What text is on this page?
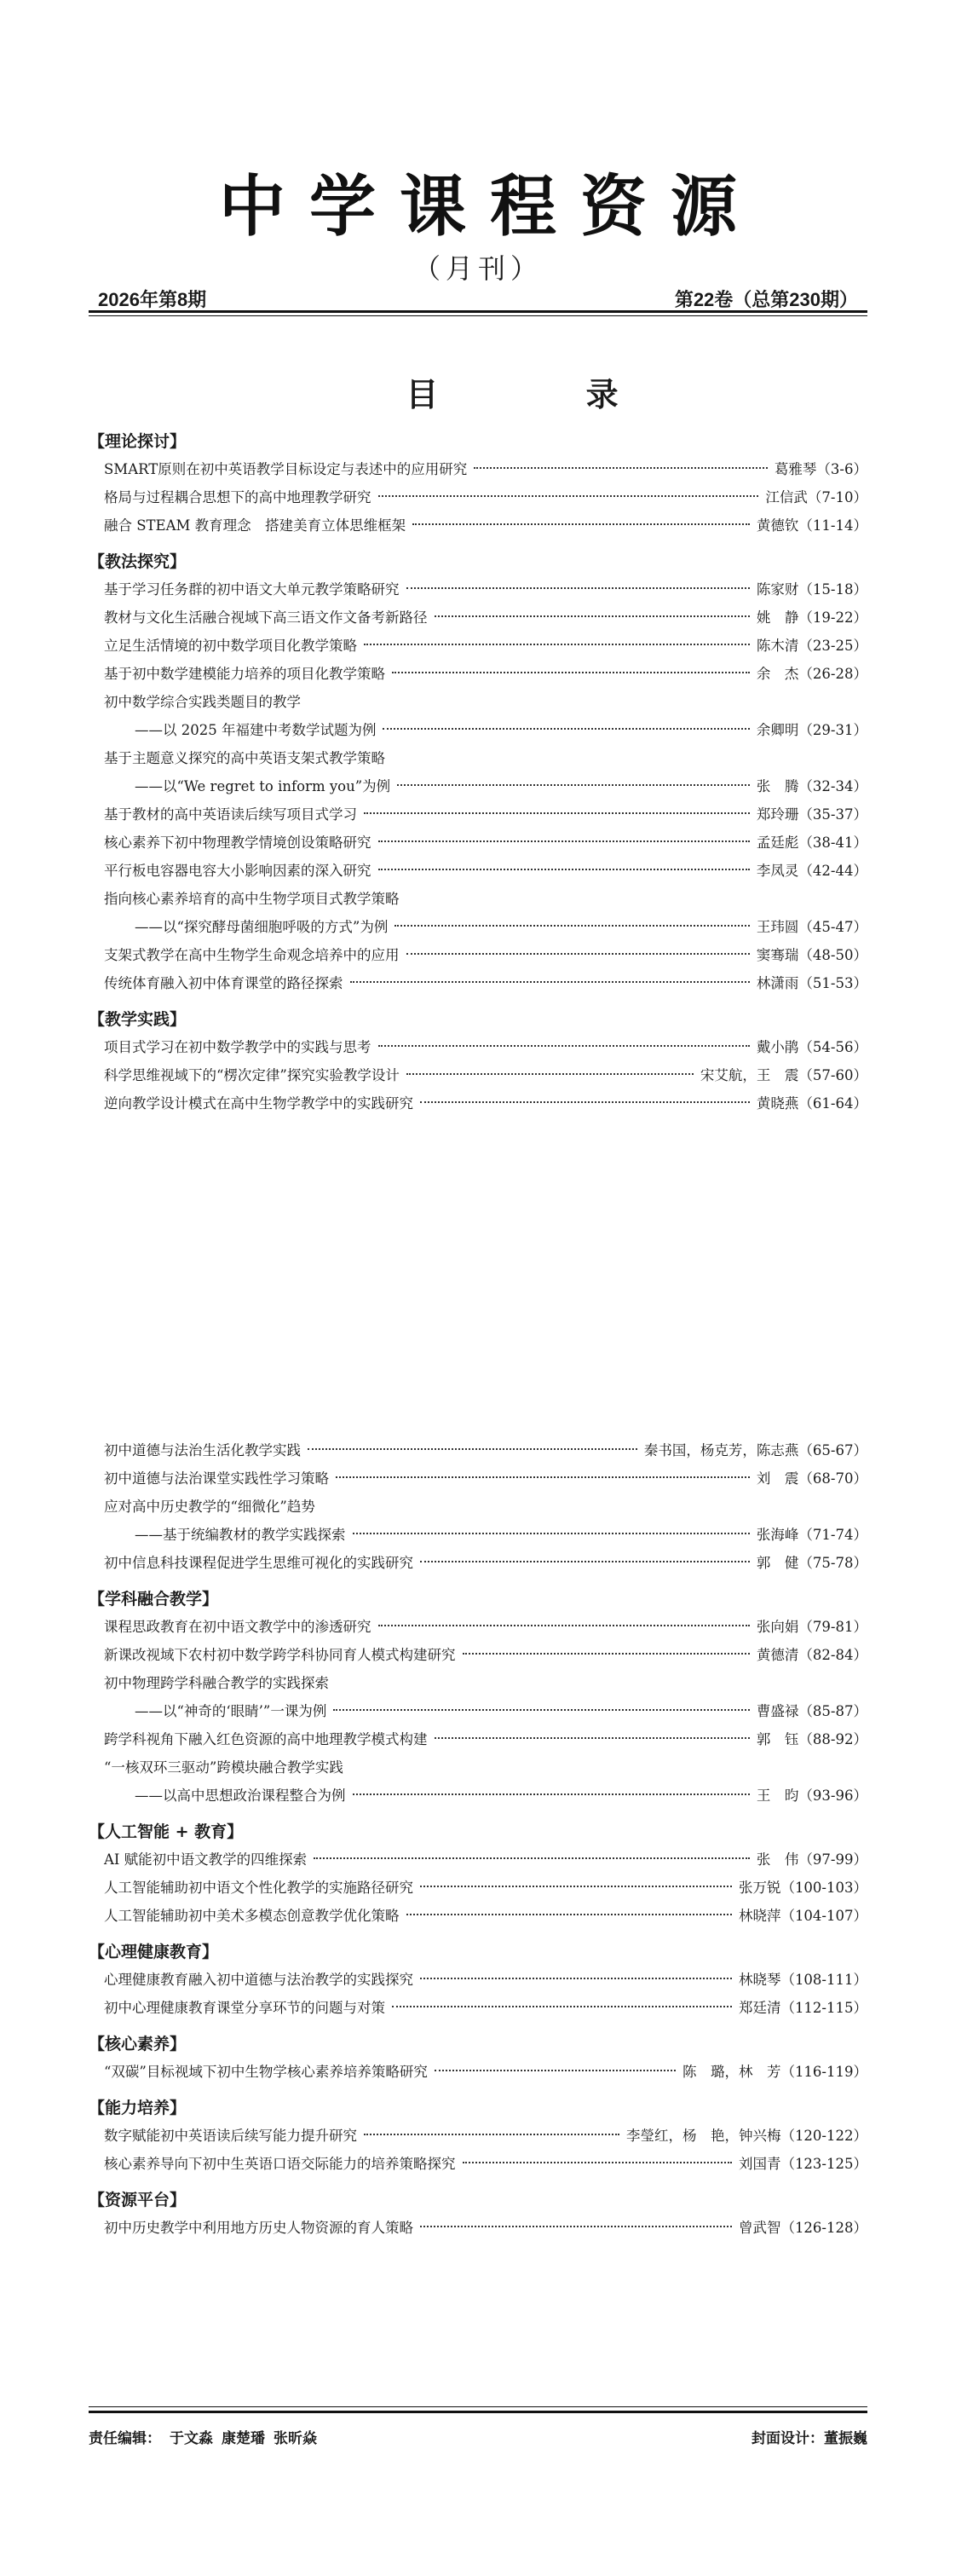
中学课程资源
（月刊）
2026年第8期	第22卷（总第230期）
目 录
【理论探讨】
SMART原则在初中英语教学目标设定与表述中的应用研究	葛雅琴（3-6）
格局与过程耦合思想下的高中地理教学研究	江信武（7-10）
融合 STEAM 教育理念　搭建美育立体思维框架	黄德钦（11-14）
【教法探究】
基于学习任务群的初中语文大单元教学策略研究	陈家财（15-18）
教材与文化生活融合视域下高三语文作文备考新路径	姚　静（19-22）
立足生活情境的初中数学项目化教学策略	陈木清（23-25）
基于初中数学建模能力培养的项目化教学策略	余　杰（26-28）
初中数学综合实践类题目的教学
——以 2025 年福建中考数学试题为例	余卿明（29-31）
基于主题意义探究的高中英语支架式教学策略
——以“We regret to inform you”为例	张　腾（32-34）
基于教材的高中英语读后续写项目式学习	郑玲珊（35-37）
核心素养下初中物理教学情境创设策略研究	孟廷彪（38-41）
平行板电容器电容大小影响因素的深入研究	李凤灵（42-44）
指向核心素养培育的高中生物学项目式教学策略
——以“探究酵母菌细胞呼吸的方式”为例	王玮圆（45-47）
支架式教学在高中生物学生命观念培养中的应用	窦骞瑞（48-50）
传统体育融入初中体育课堂的路径探索	林潇雨（51-53）
【教学实践】
项目式学习在初中数学教学中的实践与思考	戴小鹃（54-56）
科学思维视域下的“楞次定律”探究实验教学设计	宋艾航，王　震（57-60）
逆向教学设计模式在高中生物学教学中的实践研究	黄晓燕（61-64）
初中道德与法治生活化教学实践	秦书国，杨克芳，陈志燕（65-67）
初中道德与法治课堂实践性学习策略	刘　震（68-70）
应对高中历史教学的“细微化”趋势
——基于统编教材的教学实践探索	张海峰（71-74）
初中信息科技课程促进学生思维可视化的实践研究	郭　健（75-78）
【学科融合教学】
课程思政教育在初中语文教学中的渗透研究	张向娟（79-81）
新课改视域下农村初中数学跨学科协同育人模式构建研究	黄德清（82-84）
初中物理跨学科融合教学的实践探索
——以“神奇的‘眼睛’”一课为例	曹盛禄（85-87）
跨学科视角下融入红色资源的高中地理教学模式构建	郭　钰（88-92）
“一核双环三驱动”跨模块融合教学实践
——以高中思想政治课程整合为例	王　昀（93-96）
【人工智能 + 教育】
AI 赋能初中语文教学的四维探索	张　伟（97-99）
人工智能辅助初中语文个性化教学的实施路径研究	张万锐（100-103）
人工智能辅助初中美术多模态创意教学优化策略	林晓萍（104-107）
【心理健康教育】
心理健康教育融入初中道德与法治教学的实践探究	林晓琴（108-111）
初中心理健康教育课堂分享环节的问题与对策	郑廷清（112-115）
【核心素养】
“双碳”目标视域下初中生物学核心素养培养策略研究	陈　璐，林　芳（116-119）
【能力培养】
数字赋能初中英语读后续写能力提升研究	李瑩红，杨　艳，钟兴梅（120-122）
核心素养导向下初中生英语口语交际能力的培养策略探究	刘国青（123-125）
【资源平台】
初中历史教学中利用地方历史人物资源的育人策略	曾武智（126-128）
责任编辑： 于文淼 康楚璠 张昕焱	封面设计：董振巍
